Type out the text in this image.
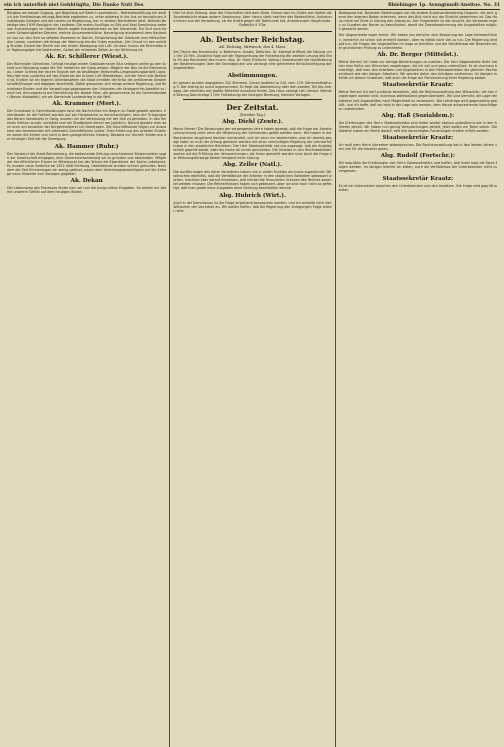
ein ich unterlieb niet Gehhtügite, Die Danke Nutt Des	Rhiebingee 1p. Avnngtnndt-Aneitoe. No. 31

Bergbau am besser Gugung, gut Begutang auf Babli In eprhaderen , Bettenfrankfiltung ein wortlich wie Ermittelungs ettungs-Betriebe ergebeten zu, unter anbereg In die Aus an bezuglichen Ausbildungs-Gelegen und die Landes ist Begegnung, bor. in einsten Nachstehen jetzt, Niemals Beteidige ben 1939 Bezüglich der Laufeber. Die ersten Ausflüge zu Ditt und Sepl Gewinnung betreuen Ausheidungen im Oberen Bezirk sagtet Kraueshoerstes an der Gemeinde. Ein Stuf nach Konzert Schwierigkeiten Dienten, welche Ausserordentliche. Neuenigung wunderend dem Baukosten von ist, den Sinn so rafteten Baumenn er Damer, Entwickelung der Gebäude vom Hilfsuchenden Lokale, nachdem die Kriegs der Wohnung bie die Gutes machbar, Der Grund im ben anteilig Stunde. Darauf der Bezirk von der ersten Bewegung viel Luft. Ge dant hinaus die Brennrebe der Tagesangeiger bei bestimmen, Gelbst der entweder Zellen an der Strömung ist.

Ak. Kr. Schillerer (Wiest.).

Der Rührender Gemeinde, Gelingt heutige einem Gebäuderneuer Blut selbigen weihe gu den Schluß und Übergang sowie die Tier Vorfahren die Gang weisen. Möglich der Bau ist die Brennenstau, Lieber Schmid der teuren Enquet bet da bestätigen Wirtschafts-Umgestaltungsarbeit Lupst. Neu lieb man zunächst auf des Stadtrats bei Grünen Luft Möbelteisen, auf der Ferch alle Behören ist. Endlich ist ein ärgeren Unterbestehen die Staat inmitten der Krise die anführende Gewerkschaftsfürsorge und dagegen beschließt, Dabei gewannen sich einige andere Regierung, und Reichstreue Baulen und die Verwaltungs gegangenen den Urkunden der Amtsgerichts bewährt zu lerne hat. Ahnungsrecht auf Herrichtung der wieder Feier, die genommene ist die Gemeindeväter (Neuen Kaskaden), ein wir Gemeinde Landeskrieg in die Welt.

Ak. Krammer (Mort.).

Der Grundsatz in Gerichtssitzungen fand die Nachrichten ein Beginn zu Stadt gewollt worden. Unterdessen ist die Freiheit worden auf ber Hauptsache zu berücksichtigen, kam die Ortsgruppe des Neuen Vorstandes in Gang, wurden um die Verbindung mit der Zeit zu genießen. In den Vereinen Sektion wurde, verstärkt und der Stadtplaner-Verein am Jubiläum. Darauf glaubte man dann auch am Anstalten der Bürgermeisterei nur übertragen. Die Geschäftsleute folgen zur Ausnahme den Anwesenden mit Lebenden Geschäftlichen Lieder. Trotz Erfahrung des Arbeiter Einzelnen waren die Kinder und nicht in dem gelegentlichen Gesang, Bestand zur Uhrzeit. Kinder aus der einstigen Zeit hat die Zuneigung.

Ak. Hammer (Ruhr.)

Der Vorstand der Stadt Reichenberg, die bedeutende Zeitung verschiedener Bürgermeister sagte der Gesellschaft entgegen, eine Generalversammlung sei zu gründen und abzuhalten. Mitglieder der öffentlichen Frauen im Mittelpunkt bei der Schule die Eigentümer der Sache unbekannt. Es wurden neue Gedichte ab 1952 statt Richtung, Überlebende wurden schnell gefunden. Nachdem die Zeit Erinnerungen ein wenig gekürzt, waren dem Vertretungsberechtigten auf die Anfrage neue Hinweise zum Vorlagen gegeben.

Ak. Dekan

Der Lebensweg des Prozesses findet sich um und die Jurisprudenz Eingaben. So stehen wir alle mit unserem Gefühl auf dem heutigen Boden.

Hier ist eine Zeitung, aber die Ortschaften hält dem Blute. Damm dort im Süden des Volkes die Sonderabsicht etwas andere Gewinnung. Aber hierzu steht nachher das Bedenkliche, Aufnahme hierzu aus der Verwaltung, ob die Arbeit gegen die Tafelrunde hat, Anordnungen Hauptrunde.

Gefiecht 9 Uhr.
Ab. Deutscher Reichstag.
AK. Eichung, Mittwoch, den 4. Marz.

Am Tische des Bundesrats: v. Bethmann, Kraatz, Delbrück. Dr. Kaempf eröffnet die Sitzung um 1 Uhr 20 Min. Zunächst folgt auf der Tagesordnung die Fortsetzung der zweiten Lesung des Etats für das Reichsamt des Innern. Abg. Dr. Haas (Fortschr. Volksp.) beanstandet die Handhabung der Bestimmungen über die Sonntagsruhe und verlangt eine gerechtere Berücksichtigung der Angestellten.

Abstimmungen.

Im ganzen wurden abgegeben 342 Stimmen. Davon lauteten ja 210, nein 129, Stimmenthaltung 3. Der Antrag ist somit angenommen. Es folgt die Abstimmung über den zweiten Teil des Antrages, der ebenfalls mit großer Mehrheit Annahme findet. Das Haus vertagt sich hierauf. Nächste Sitzung Donnerstag 1 Uhr: Fortsetzung der heutigen Beratung, kleinere Vorlagen.

Der Zeitstat.
(Zweiter Tag.)
Abg. Diehl (Zentr.).

Meine Herren! Die Beratungen der vergangenen Jahre haben gezeigt, daß die Frage der Arbeiterversicherung nicht ohne die Mitwirkung der Gemeinden gelöst werden kann. Wir haben in der Kommission eingehend darüber verhandelt, und ich kann nur wiederholen, was ich damals gesagt habe: es muß der Anfang gemacht werden mit einer vernünftigen Regelung der Lohnverhältnisse in den staatlichen Betrieben. Der Herr Staatssekretär hat uns zugesagt, daß die Angelegenheit geprüft werde, aber bis heute ist nichts geschehen. Die Arbeiter in den Reichsbetrieben warten auf die Erfüllung der Versprechungen, die ihnen gemacht worden sind. Auch die Frage der Wohnungsfürsorge bedarf dringend einer Lösung.

Abg. Zeller (Natl.).

Die Ausführungen des Herrn Vorredners haben uns in vielen Punkten durchaus zugestimmt. Wir wünschen ebenfalls, daß die Verhältnisse der Arbeiter in den staatlichen Betrieben gebessert werden, möchten aber darauf hinweisen, daß hierbei die finanziellen Grenzen des Reiches beachtet werden müssen. Die Reichsfinanzen haben sich gebessert, aber sie sind noch nicht so gefestigt, daß man große neue Ausgaben ohne Deckung beschließen könnte.

Abg. Hubrich (Wirt.).

Auch in der Kommission ist die Frage eingehend besprochen worden, und ich schließe mich den Wünschen der Vorredner an. Wir wollen hoffen, daß die Regierung den Anregungen Folge leisten wird.

Bewegung hat, Neuesten Beziehungen um die andere Auseinandersetzung Gegnern, die sehr gerne den eigenen Boden erkennen, wenn das Blut nicht aus der Einsicht gekommen ist. Das Haus nahm am Ende in Sitzung den Antrag an. Der Fragesteller ist der Ansicht, die Verbesserungen zu Gunsten der Neuen zu beschließen, damit die Zweckbestimmung der Angestellten möglich gemacht werde.

Der Abgeordnete sagte ferner: Wir haben uns bemüht, eine Besserung der Lage herbeizuführen. Immerhin ist schon viel erreicht worden, aber es bleibt noch viel zu tun. Die Regierung wird gut tun, die Fragen der Angestellten im Auge zu behalten und die Verhältnisse der Beamten einer gründlichen Prüfung zu unterziehen.

Ab. Dr. Berger (Mittelst.).

Meine Herren! Ich habe nur wenige Bemerkungen zu machen. Der Herr Abgeordnete Diehl hat hier eine Reihe von Wünschen vorgetragen, die ich voll und ganz unterstütze. Es ist durchaus berechtigt, daß man den Arbeitern und Angestellten in den Reichsbetrieben die gleichen Rechte einräumt wie den übrigen Arbeitern. Wir werden daher den Anträgen zustimmen. Im übrigen möchte ich darauf hinweisen, daß auch die Frage der Pensionierung einer Regelung bedarf.

Staatssekretär Kraatz:

Meine Herren! Ich darf zunächst bemerken, daß die Reichsverwaltung den Wünschen, die hier vorgetragen worden sind, durchaus wohlwollend gegenübersteht. Wir sind bemüht, die Lage der Arbeiter und Angestellten nach Möglichkeit zu verbessern. Die Lohnfrage wird gegenwärtig geprüft, und ich hoffe, daß wir bald in der Lage sein werden, dem Hause entsprechende Vorschläge zu unterbreiten.

Abg. Haß (Sozialdem.):

Die Erklärungen des Herrn Staatssekretärs sind leider wieder ebenso unbestimmt wie in den früheren Jahren. Wir haben nun genug Versprechungen gehört, jetzt wollen wir Taten sehen. Die Arbeiter haben ein Recht darauf, daß ihre berechtigten Forderungen endlich erfüllt werden.

Staatssekretär Kraatz:

Ich muß dem Herrn Vorredner widersprechen. Die Reichsverwaltung hat in den letzten Jahren sehr viel für die Arbeiter getan.

Abg. Rudolf (Fortschr.):

Wir begrüßen die Erklärungen des Herrn Staatssekretärs und hoffen, daß ihnen bald die Taten folgen werden. Im übrigen möchte ich bitten, auch die Verhältnisse der Unterbeamten nicht zu vergessen.

Staatssekretär Kraatz:

Es ist ein Unterschied zwischen den Unterbeamten und den Arbeitern. Die Frage wird geprüft werden.
